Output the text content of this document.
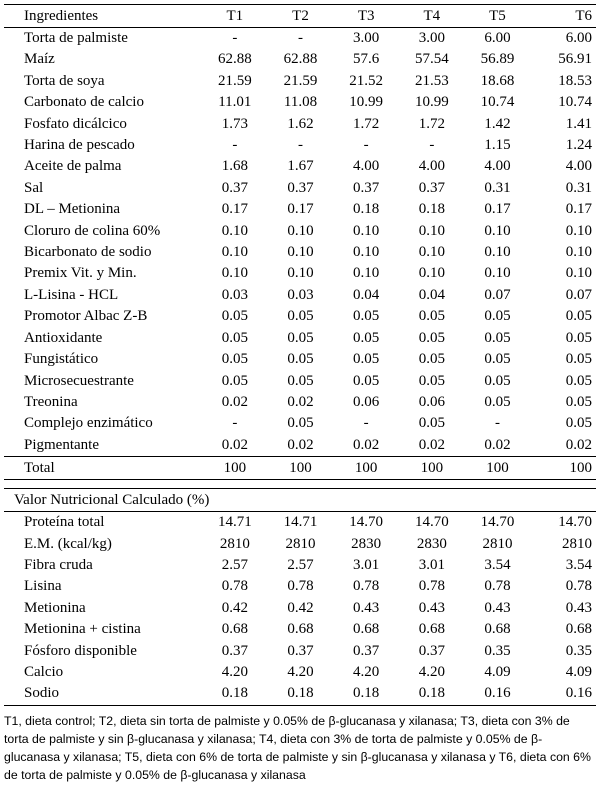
Ingredientes	T1	T2	T3	T4	T5	T6
Torta de palmiste	-	-	3.00	3.00	6.00	6.00
Maíz	62.88	62.88	57.6	57.54	56.89	56.91
Torta de soya	21.59	21.59	21.52	21.53	18.68	18.53
Carbonato de calcio	11.01	11.08	10.99	10.99	10.74	10.74
Fosfato dicálcico	1.73	1.62	1.72	1.72	1.42	1.41
Harina de pescado	-	-	-	-	1.15	1.24
Aceite de palma	1.68	1.67	4.00	4.00	4.00	4.00
Sal	0.37	0.37	0.37	0.37	0.31	0.31
DL – Metionina	0.17	0.17	0.18	0.18	0.17	0.17
Cloruro de colina 60%	0.10	0.10	0.10	0.10	0.10	0.10
Bicarbonato de sodio	0.10	0.10	0.10	0.10	0.10	0.10
Premix Vit. y Min.	0.10	0.10	0.10	0.10	0.10	0.10
L-Lisina - HCL	0.03	0.03	0.04	0.04	0.07	0.07
Promotor Albac Z-B	0.05	0.05	0.05	0.05	0.05	0.05
Antioxidante	0.05	0.05	0.05	0.05	0.05	0.05
Fungistático	0.05	0.05	0.05	0.05	0.05	0.05
Microsecuestrante	0.05	0.05	0.05	0.05	0.05	0.05
Treonina	0.02	0.02	0.06	0.06	0.05	0.05
Complejo enzimático	-	0.05	-	0.05	-	0.05
Pigmentante	0.02	0.02	0.02	0.02	0.02	0.02
Total	100	100	100	100	100	100

Valor Nutricional Calculado (%)						
Proteína total	14.71	14.71	14.70	14.70	14.70	14.70
E.M. (kcal/kg)	2810	2810	2830	2830	2810	2810
Fibra cruda	2.57	2.57	3.01	3.01	3.54	3.54
Lisina	0.78	0.78	0.78	0.78	0.78	0.78
Metionina	0.42	0.42	0.43	0.43	0.43	0.43
Metionina + cistina	0.68	0.68	0.68	0.68	0.68	0.68
Fósforo disponible	0.37	0.37	0.37	0.37	0.35	0.35
Calcio	4.20	4.20	4.20	4.20	4.09	4.09
Sodio	0.18	0.18	0.18	0.18	0.16	0.16
T1, dieta control; T2, dieta sin torta de palmiste y 0.05% de β-glucanasa y xilanasa; T3, dieta con 3% de torta de palmiste y sin β-glucanasa y xilanasa; T4, dieta con 3% de torta de palmiste y 0.05% de β-glucanasa y xilanasa; T5, dieta con 6% de torta de palmiste y sin β-glucanasa y xilanasa y T6, dieta con 6% de torta de palmiste y 0.05% de β-glucanasa y xilanasa
